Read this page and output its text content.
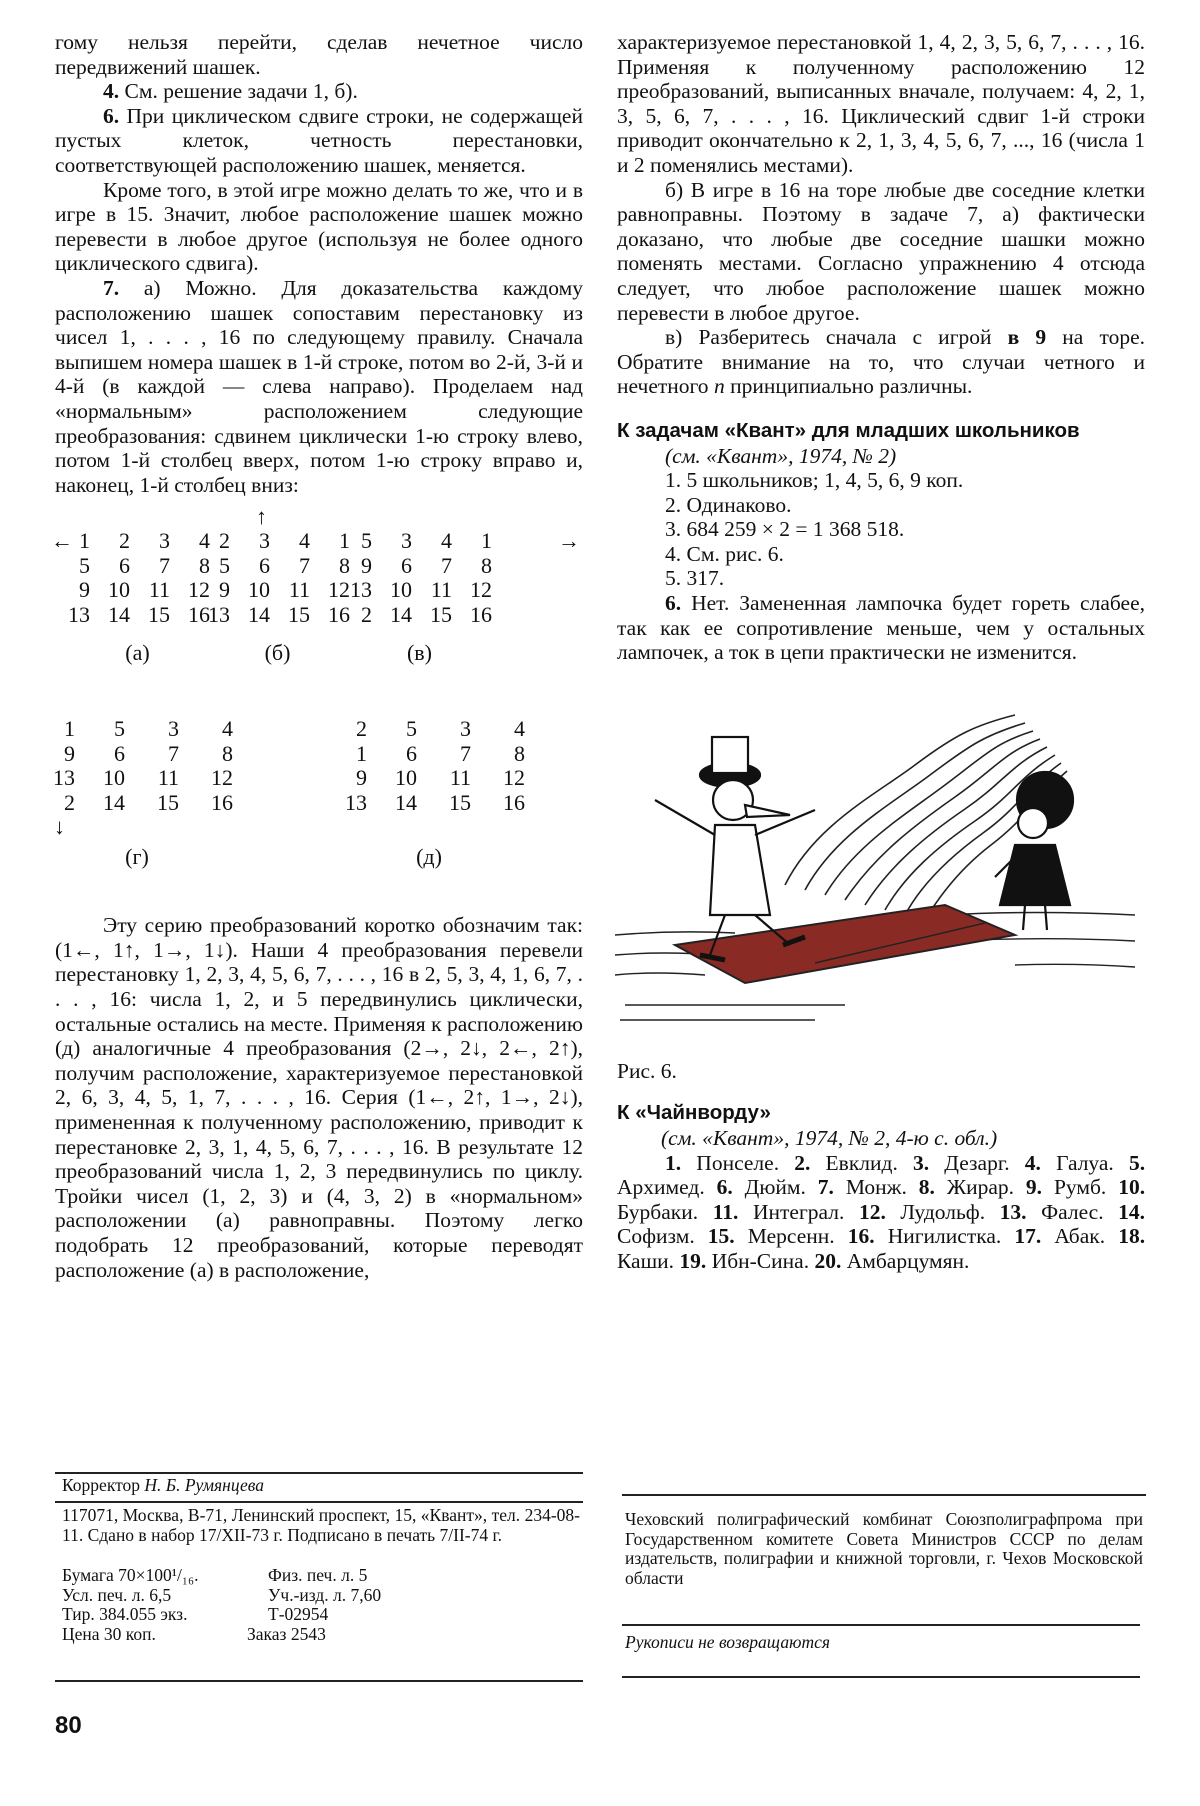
гому нельзя перейти, сделав нечетное число передвижений шашек.

4. См. решение задачи 1, б).

6. При циклическом сдвиге строки, не содержащей пустых клеток, четность перестановки, соответствующей расположению шашек, меняется.

Кроме того, в этой игре можно делать то же, что и в игре в 15. Значит, любое расположение шашек можно перевести в любое другое (используя не более одного циклического сдвига).

7. а) Можно. Для доказательства каждому расположению шашек сопоставим перестановку из чисел 1, . . . , 16 по следующему правилу. Сначала выпишем номера шашек в 1-й строке, потом во 2-й, 3-й и 4-й (в каждой — слева направо). Проделаем над «нормальным» расположением следующие преобразования: сдвинем циклически 1-ю строку влево, потом 1-й столбец вверх, потом 1-ю строку вправо и, наконец, 1-й столбец вниз:

↑
←	→
1 2 3 4
5 6 7 8
9 10 11 12
13 14 15 16
(а)
2 3 4 1
5 6 7 8
9 10 11 12
13 14 15 16
(б)
5 3 4 1
9 6 7 8
13 10 11 12
2 14 15 16
(в)
↓
1 5 3 4
9 6 7 8
13 10 11 12
2 14 15 16
(г)
2 5 3 4
1 6 7 8
9 10 11 12
13 14 15 16
(д)

Эту серию преобразований коротко обозначим так: (1←, 1↑, 1→, 1↓). Наши 4 преобразования перевели перестановку 1, 2, 3, 4, 5, 6, 7, . . . , 16 в 2, 5, 3, 4, 1, 6, 7, . . . , 16: числа 1, 2, и 5 передвинулись циклически, остальные остались на месте. Применяя к расположению (д) аналогичные 4 преобразования (2→, 2↓, 2←, 2↑), получим расположение, характеризуемое перестановкой 2, 6, 3, 4, 5, 1, 7, . . . , 16. Серия (1←, 2↑, 1→, 2↓), примененная к полученному расположению, приводит к перестановке 2, 3, 1, 4, 5, 6, 7, . . . , 16. В результате 12 преобразований числа 1, 2, 3 передвинулись по циклу. Тройки чисел (1, 2, 3) и (4, 3, 2) в «нормальном» расположении (а) равноправны. Поэтому легко подобрать 12 преобразований, которые переводят расположение (а) в расположение,

характеризуемое перестановкой 1, 4, 2, 3, 5, 6, 7, . . . , 16. Применяя к полученному расположению 12 преобразований, выписанных вначале, получаем: 4, 2, 1, 3, 5, 6, 7, . . . , 16. Циклический сдвиг 1-й строки приводит окончательно к 2, 1, 3, 4, 5, 6, 7, ..., 16 (числа 1 и 2 поменялись местами).

б) В игре в 16 на торе любые две соседние клетки равноправны. Поэтому в задаче 7, а) фактически доказано, что любые две соседние шашки можно поменять местами. Согласно упражнению 4 отсюда следует, что любое расположение шашек можно перевести в любое другое.

в) Разберитесь сначала с игрой в 9 на торе. Обратите внимание на то, что случаи четного и нечетного n принципиально различны.

К задачам «Квант» для младших школьников

(см. «Квант», 1974, № 2)

1. 5 школьников; 1, 4, 5, 6, 9 коп.

2. Одинаково.

3. 684 259 × 2 = 1 368 518.

4. См. рис. 6.

5. 317.

6. Нет. Замененная лампочка будет гореть слабее, так как ее сопротивление меньше, чем у остальных лампочек, а ток в цепи практически не изменится.

Рис. 6.

К «Чайнворду»

(см. «Квант», 1974, № 2, 4-ю с. обл.)

1. Понселе. 2. Евклид. 3. Дезарг. 4. Галуа. 5. Архимед. 6. Дюйм. 7. Монж. 8. Жирар. 9. Румб. 10. Бурбаки. 11. Интеграл. 12. Лудольф. 13. Фалес. 14. Софизм. 15. Мерсенн. 16. Нигилистка. 17. Абак. 18. Каши. 19. Ибн-Сина. 20. Амбарцумян.

Корректор Н. Б. Румянцева
117071, Москва, В-71, Ленинский проспект, 15, «Квант», тел. 234-08-11. Сдано в набор 17/XII-73 г. Подписано в печать 7/II-74 г.
Бумага 70×100¹/₁₆.	Физ. печ. л. 5
Усл. печ. л. 6,5	Уч.-изд. л. 7,60
Тир. 384.055 экз.	Т-02954
Цена 30 коп.	Заказ 2543
Чеховский полиграфический комбинат Союзполиграфпрома при Государственном комитете Совета Министров СССР по делам издательств, полиграфии и книжной торговли, г. Чехов Московской области
Рукописи не возвращаются
80
